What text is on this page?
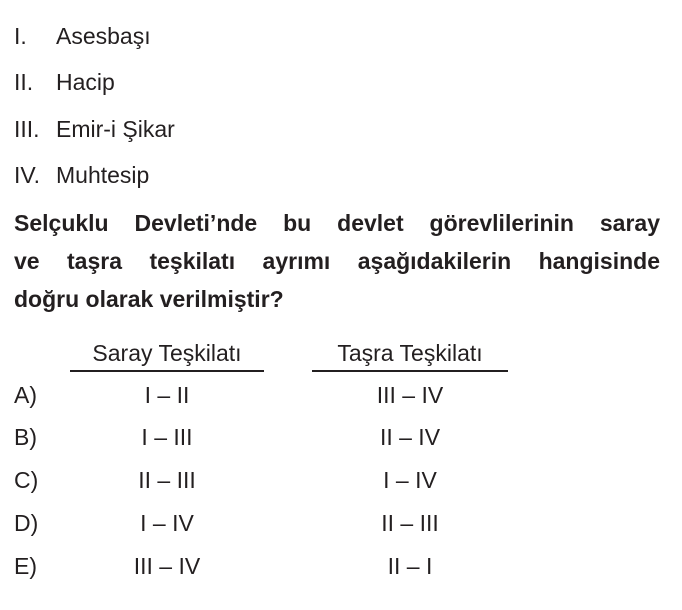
I. Asesbaşı
II. Hacip
III. Emir-i Şikar
IV. Muhtesip
Selçuklu Devleti’nde bu devlet görevlilerinin saray
ve taşra teşkilatı ayrımı aşağıdakilerin hangisinde
doğru olarak verilmiştir?
Saray Teşkilatı	Taşra Teşkilatı
A)	I – II	III – IV
B)	I – III	II – IV
C)	II – III	I – IV
D)	I – IV	II – III
E)	III – IV	II – I
